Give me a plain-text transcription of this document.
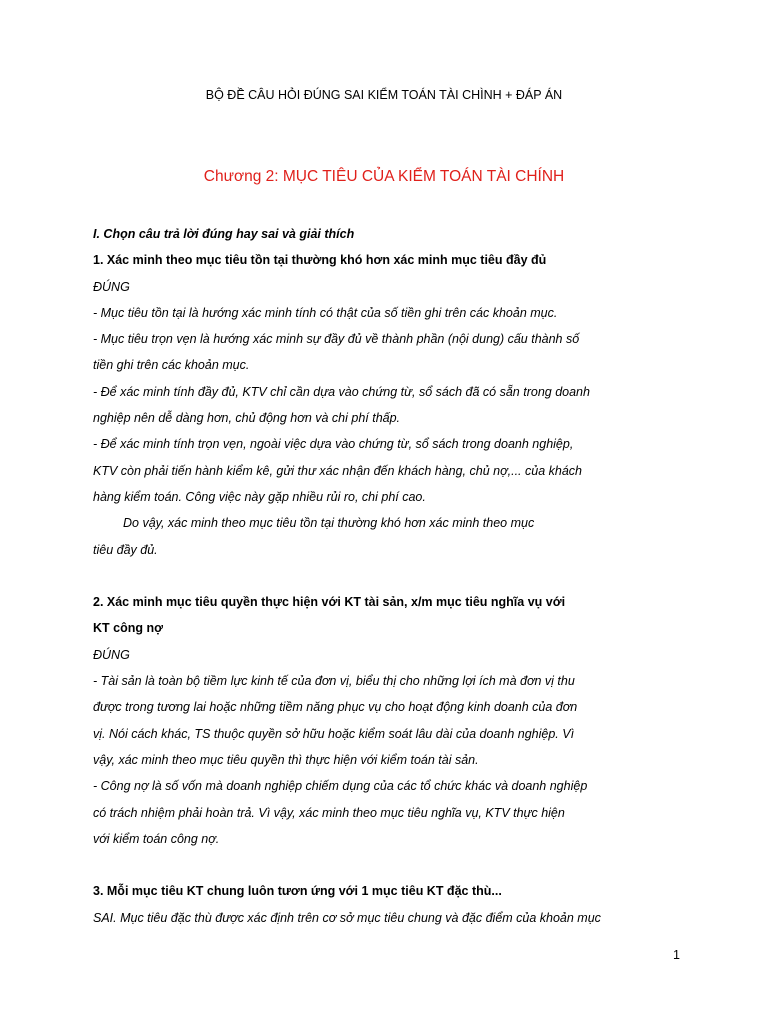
BỘ ĐỀ CÂU HỎI ĐÚNG SAI KIỂM TOÁN TÀI CHÌNH + ĐÁP ÁN
Chương 2: MỤC TIÊU CỦA KIỂM TOÁN TÀI CHÍNH
I. Chọn câu trả lời đúng hay sai và giải thích
1. Xác minh theo mục tiêu tồn tại thường khó hơn xác minh mục tiêu đầy đủ
ĐÚNG
- Mục tiêu tồn tại là hướng xác minh tính có thật của số tiền ghi trên các khoản mục.
- Mục tiêu trọn vẹn là hướng xác minh sự đầy đủ về thành phần (nội dung) cấu thành số
tiền ghi trên các khoản mục.
- Để xác minh tính đầy đủ, KTV chỉ cần dựa vào chứng từ, sổ sách đã có sẵn trong doanh
nghiệp nên dễ dàng hơn, chủ động hơn và chi phí thấp.
- Để xác minh tính trọn vẹn, ngoài việc dựa vào chứng từ, sổ sách trong doanh nghiệp,
KTV còn phải tiến hành kiểm kê, gửi thư xác nhận đến khách hàng, chủ nợ,... của khách
hàng kiểm toán. Công việc này gặp nhiều rủi ro, chi phí cao.
Do vậy, xác minh theo mục tiêu tồn tại thường khó hơn xác minh theo mục
tiêu đầy đủ.
2. Xác minh mục tiêu quyền thực hiện với KT tài sản, x/m mục tiêu nghĩa vụ với
KT công nợ
ĐÚNG
- Tài sản là toàn bộ tiềm lực kinh tế của đơn vị, biểu thị cho những lợi ích mà đơn vị thu
được trong tương lai hoặc những tiềm năng phục vụ cho hoạt động kinh doanh của đơn
vị. Nói cách khác, TS thuộc quyền sở hữu hoặc kiểm soát lâu dài của doanh nghiệp. Vì
vậy, xác minh theo mục tiêu quyền thì thực hiện với kiểm toán tài sản.
- Công nợ là số vốn mà doanh nghiệp chiếm dụng của các tổ chức khác và doanh nghiệp
có trách nhiệm phải hoàn trả. Vì vậy, xác minh theo mục tiêu nghĩa vụ, KTV thực hiện
với kiểm toán công nợ.
3. Mỗi mục tiêu KT chung luôn tươn ứng với 1 mục tiêu KT đặc thù...
SAI. Mục tiêu đặc thù được xác định trên cơ sở mục tiêu chung và đặc điểm của khoản mục
1
